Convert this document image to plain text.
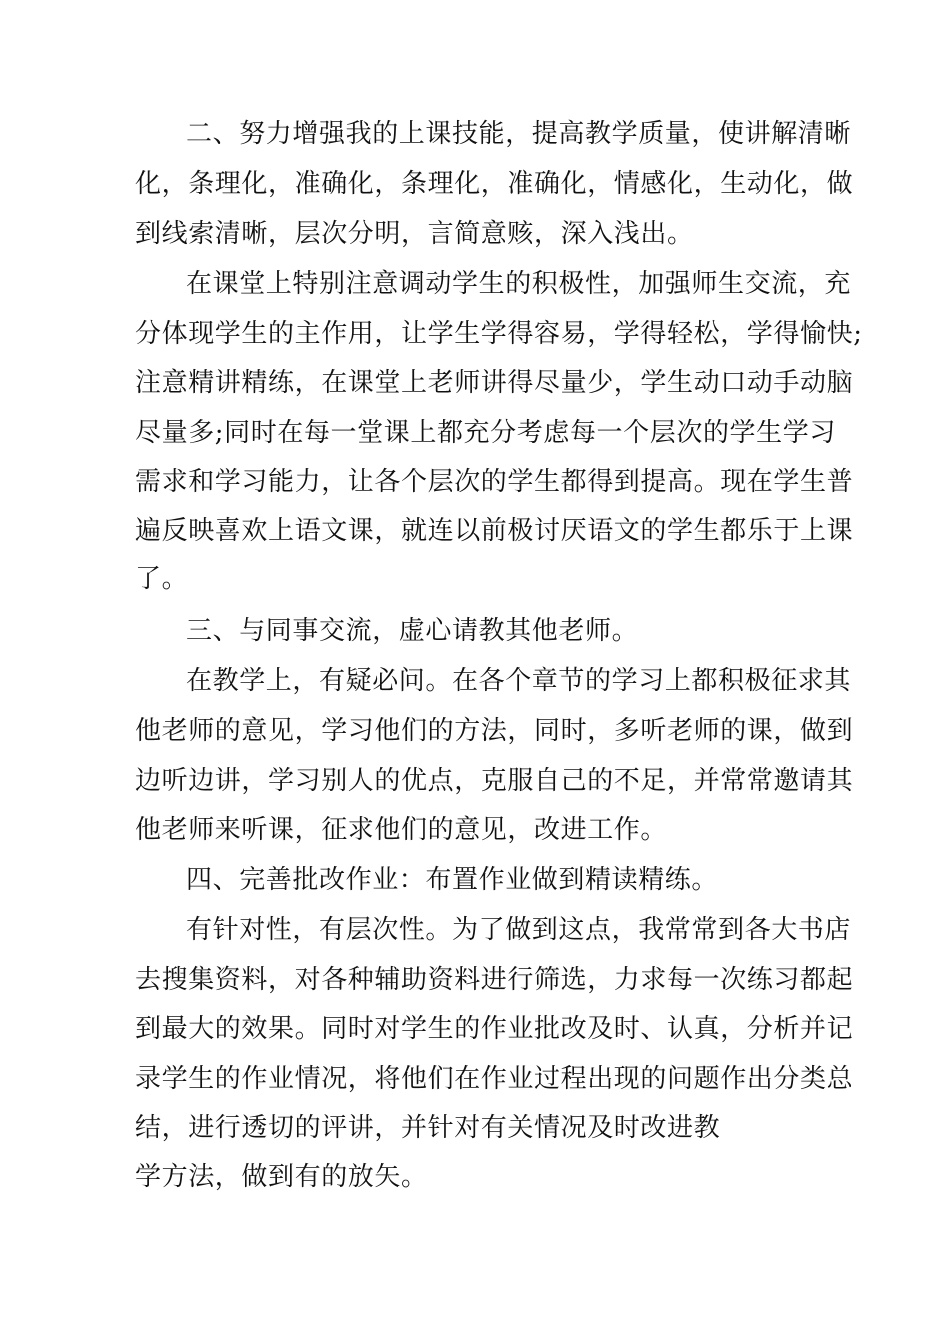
二、努力增强我的上课技能，提高教学质量，使讲解清晰
化，条理化，准确化，条理化，准确化，情感化，生动化，做
到线索清晰，层次分明，言简意赅，深入浅出。
在课堂上特别注意调动学生的积极性，加强师生交流，充
分体现学生的主作用，让学生学得容易，学得轻松，学得愉快;
注意精讲精练，在课堂上老师讲得尽量少，学生动口动手动脑
尽量多;同时在每一堂课上都充分考虑每一个层次的学生学习
需求和学习能力，让各个层次的学生都得到提高。现在学生普
遍反映喜欢上语文课，就连以前极讨厌语文的学生都乐于上课
了。
三、与同事交流，虚心请教其他老师。
在教学上，有疑必问。在各个章节的学习上都积极征求其
他老师的意见，学习他们的方法，同时，多听老师的课，做到
边听边讲，学习别人的优点，克服自己的不足，并常常邀请其
他老师来听课，征求他们的意见，改进工作。
四、完善批改作业：布置作业做到精读精练。
有针对性，有层次性。为了做到这点，我常常到各大书店
去搜集资料，对各种辅助资料进行筛选，力求每一次练习都起
到最大的效果。同时对学生的作业批改及时、认真，分析并记
录学生的作业情况，将他们在作业过程出现的问题作出分类总
结，进行透切的评讲，并针对有关情况及时改进教
学方法，做到有的放矢。
